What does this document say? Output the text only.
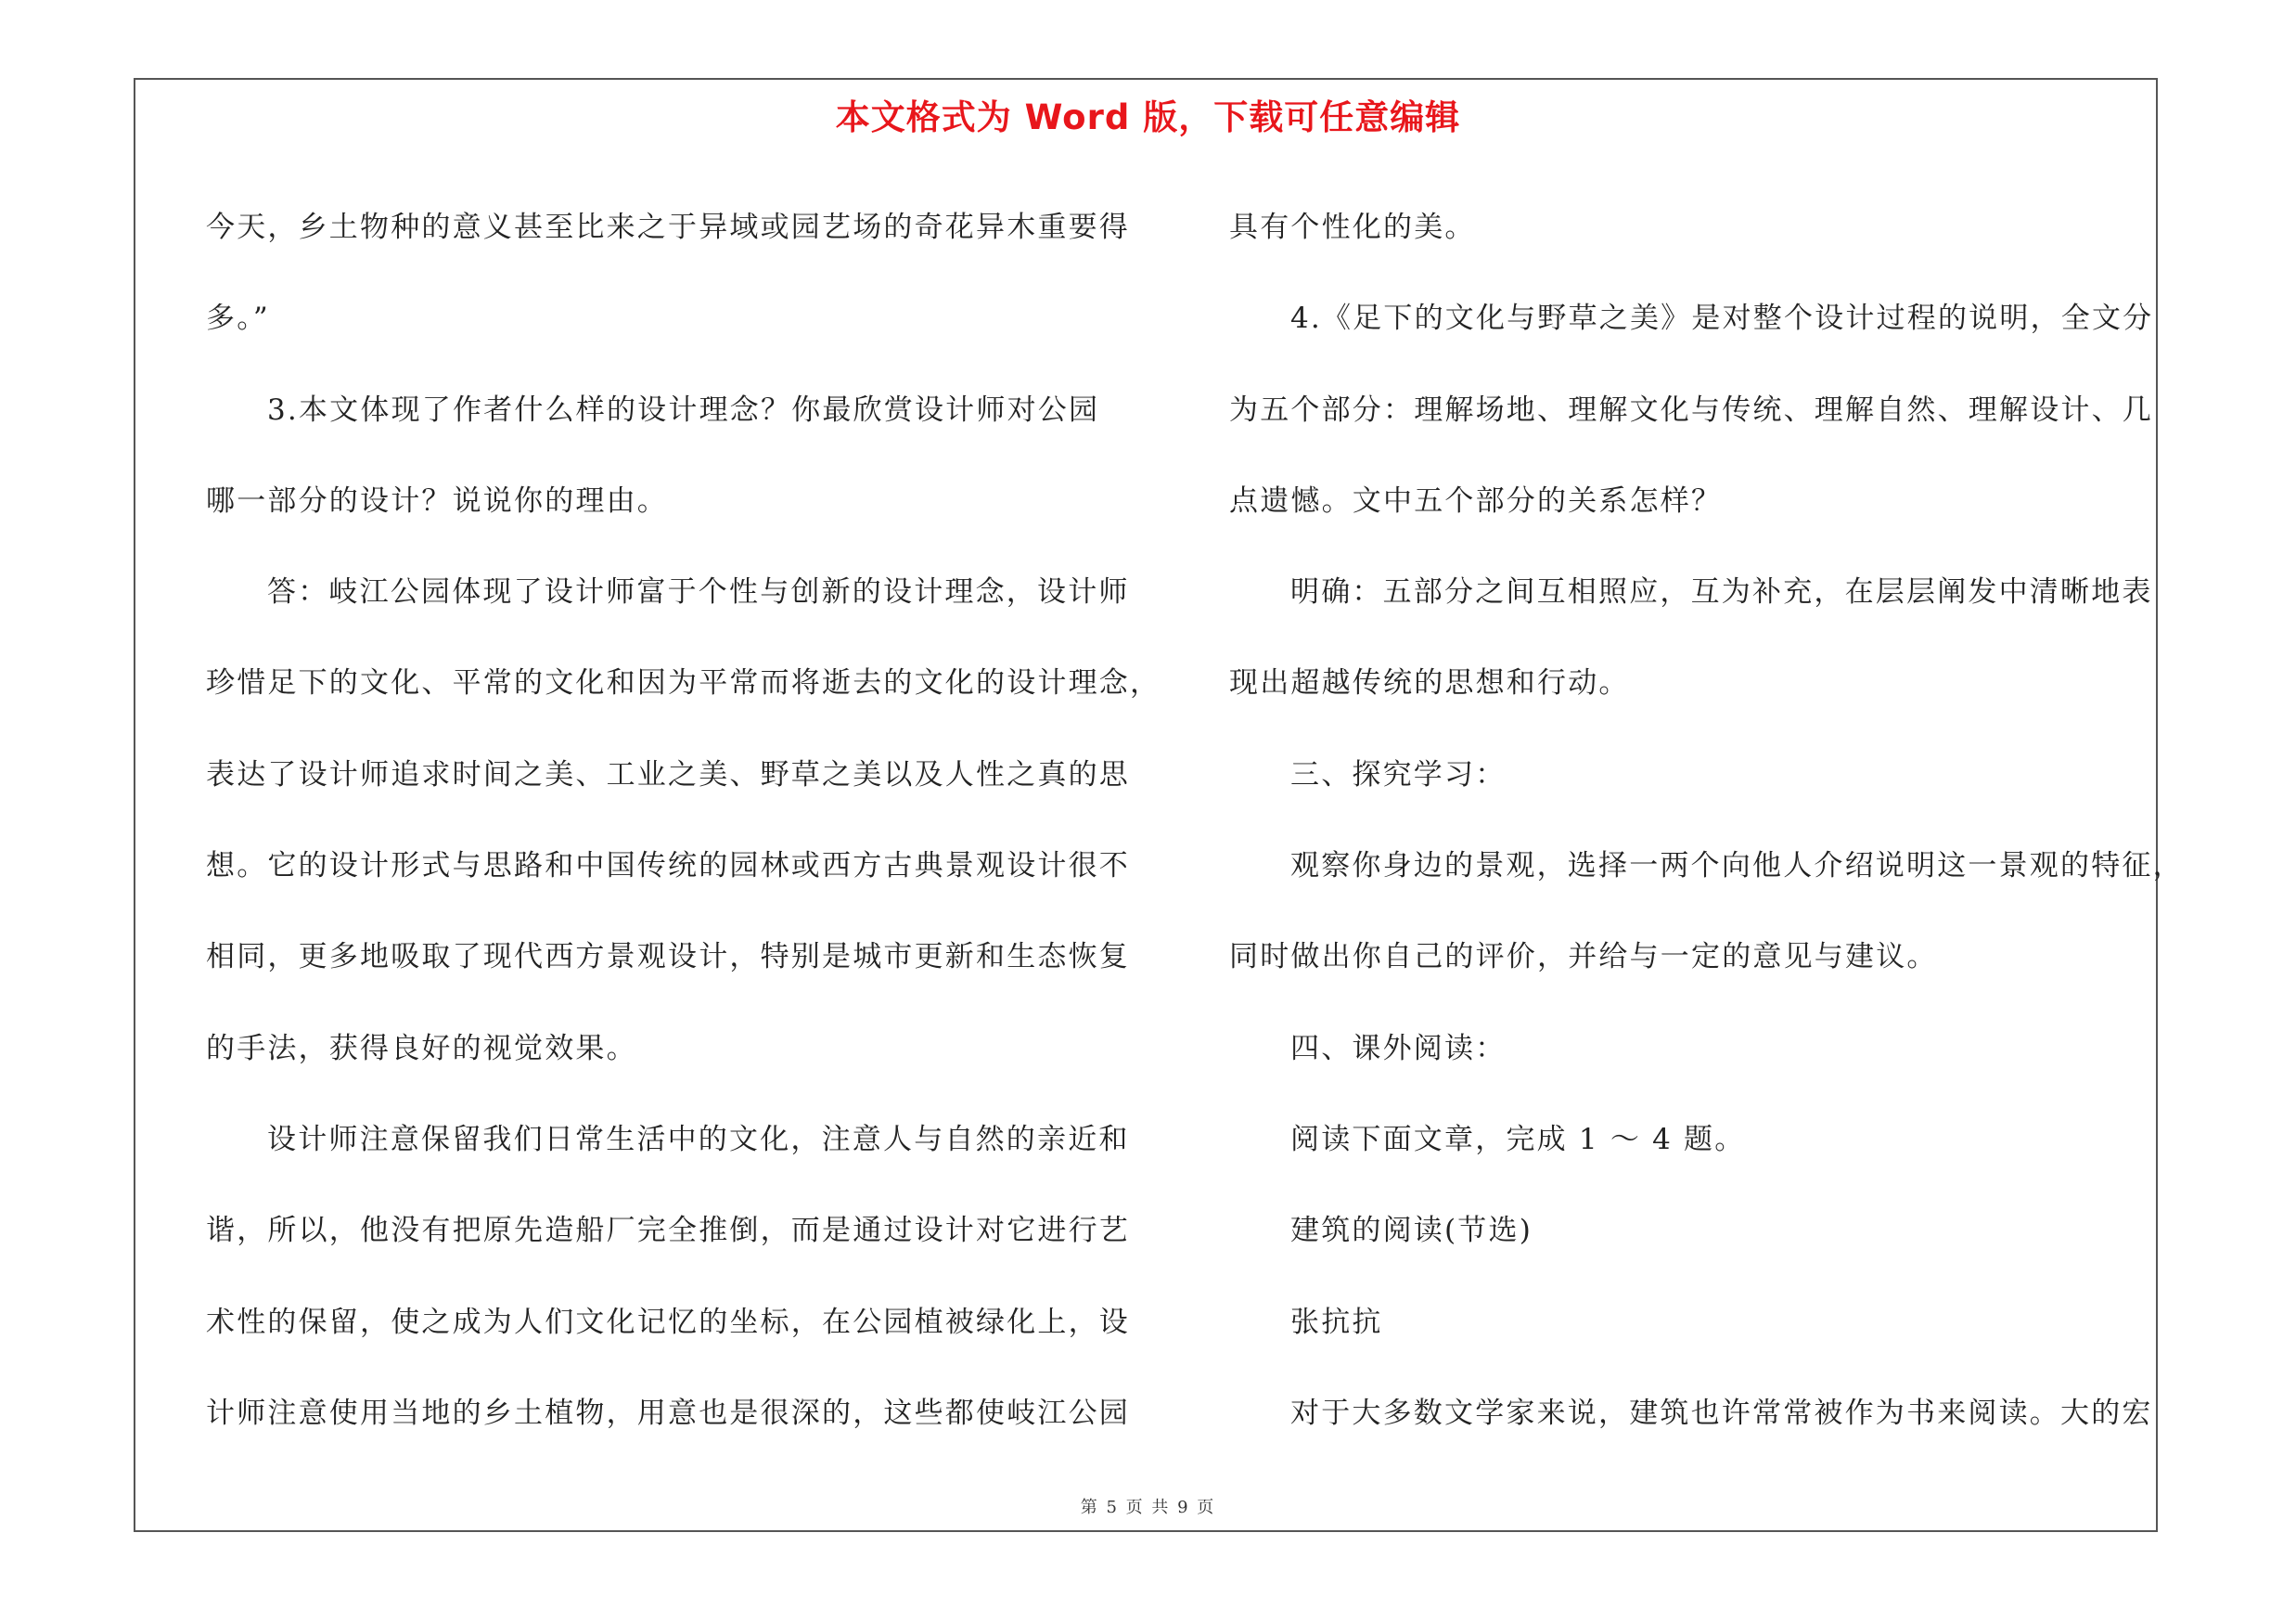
本文格式为 Word 版，下载可任意编辑
今天，乡土物种的意义甚至比来之于异域或园艺场的奇花异木重要得
多。”
3.本文体现了作者什么样的设计理念？你最欣赏设计师对公园
哪一部分的设计？说说你的理由。
答：岐江公园体现了设计师富于个性与创新的设计理念，设计师
珍惜足下的文化、平常的文化和因为平常而将逝去的文化的设计理念，
表达了设计师追求时间之美、工业之美、野草之美以及人性之真的思
想。它的设计形式与思路和中国传统的园林或西方古典景观设计很不
相同，更多地吸取了现代西方景观设计，特别是城市更新和生态恢复
的手法，获得良好的视觉效果。
设计师注意保留我们日常生活中的文化，注意人与自然的亲近和
谐，所以，他没有把原先造船厂完全推倒，而是通过设计对它进行艺
术性的保留，使之成为人们文化记忆的坐标，在公园植被绿化上，设
计师注意使用当地的乡土植物，用意也是很深的，这些都使岐江公园
具有个性化的美。
4.《足下的文化与野草之美》是对整个设计过程的说明，全文分
为五个部分：理解场地、理解文化与传统、理解自然、理解设计、几
点遗憾。文中五个部分的关系怎样？
明确：五部分之间互相照应，互为补充，在层层阐发中清晰地表
现出超越传统的思想和行动。
三、探究学习：
观察你身边的景观，选择一两个向他人介绍说明这一景观的特征，
同时做出你自己的评价，并给与一定的意见与建议。
四、课外阅读：
阅读下面文章，完成 1 ～ 4 题。
建筑的阅读(节选)
张抗抗
对于大多数文学家来说，建筑也许常常被作为书来阅读。大的宏
第 5 页 共 9 页
